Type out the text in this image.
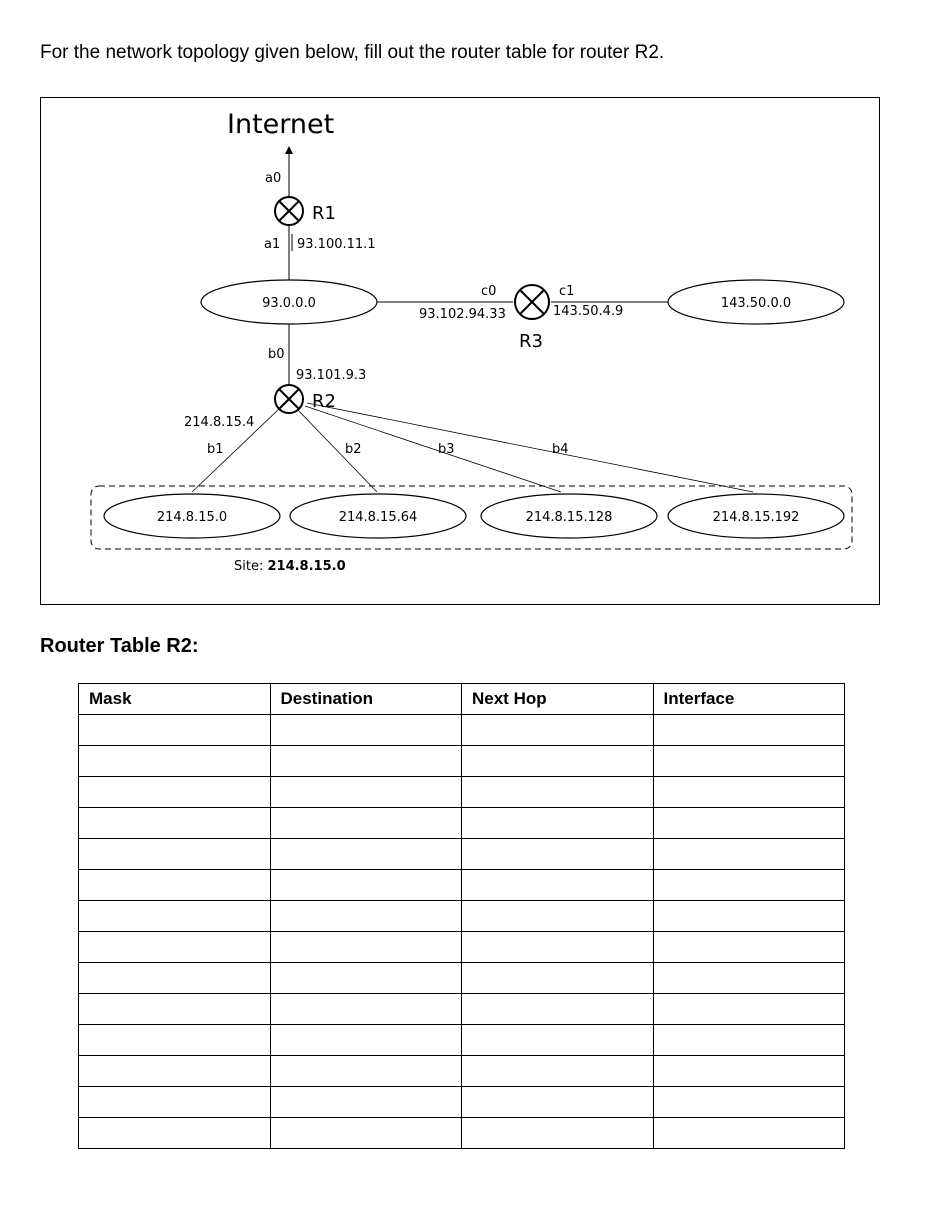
For the network topology given below, fill out the router table for router R2.
Internet
a0
R1
a1 93.100.11.1
93.0.0.0	143.50.0.0
c0
93.102.94.33
c1
143.50.4.9
R3
b0
93.101.9.3
R2
214.8.15.4
b1	b2	b3	b4
214.8.15.0	214.8.15.64	214.8.15.128	214.8.15.192
Site: 214.8.15.0
Router Table R2:
Mask	Destination	Next Hop	Interface
